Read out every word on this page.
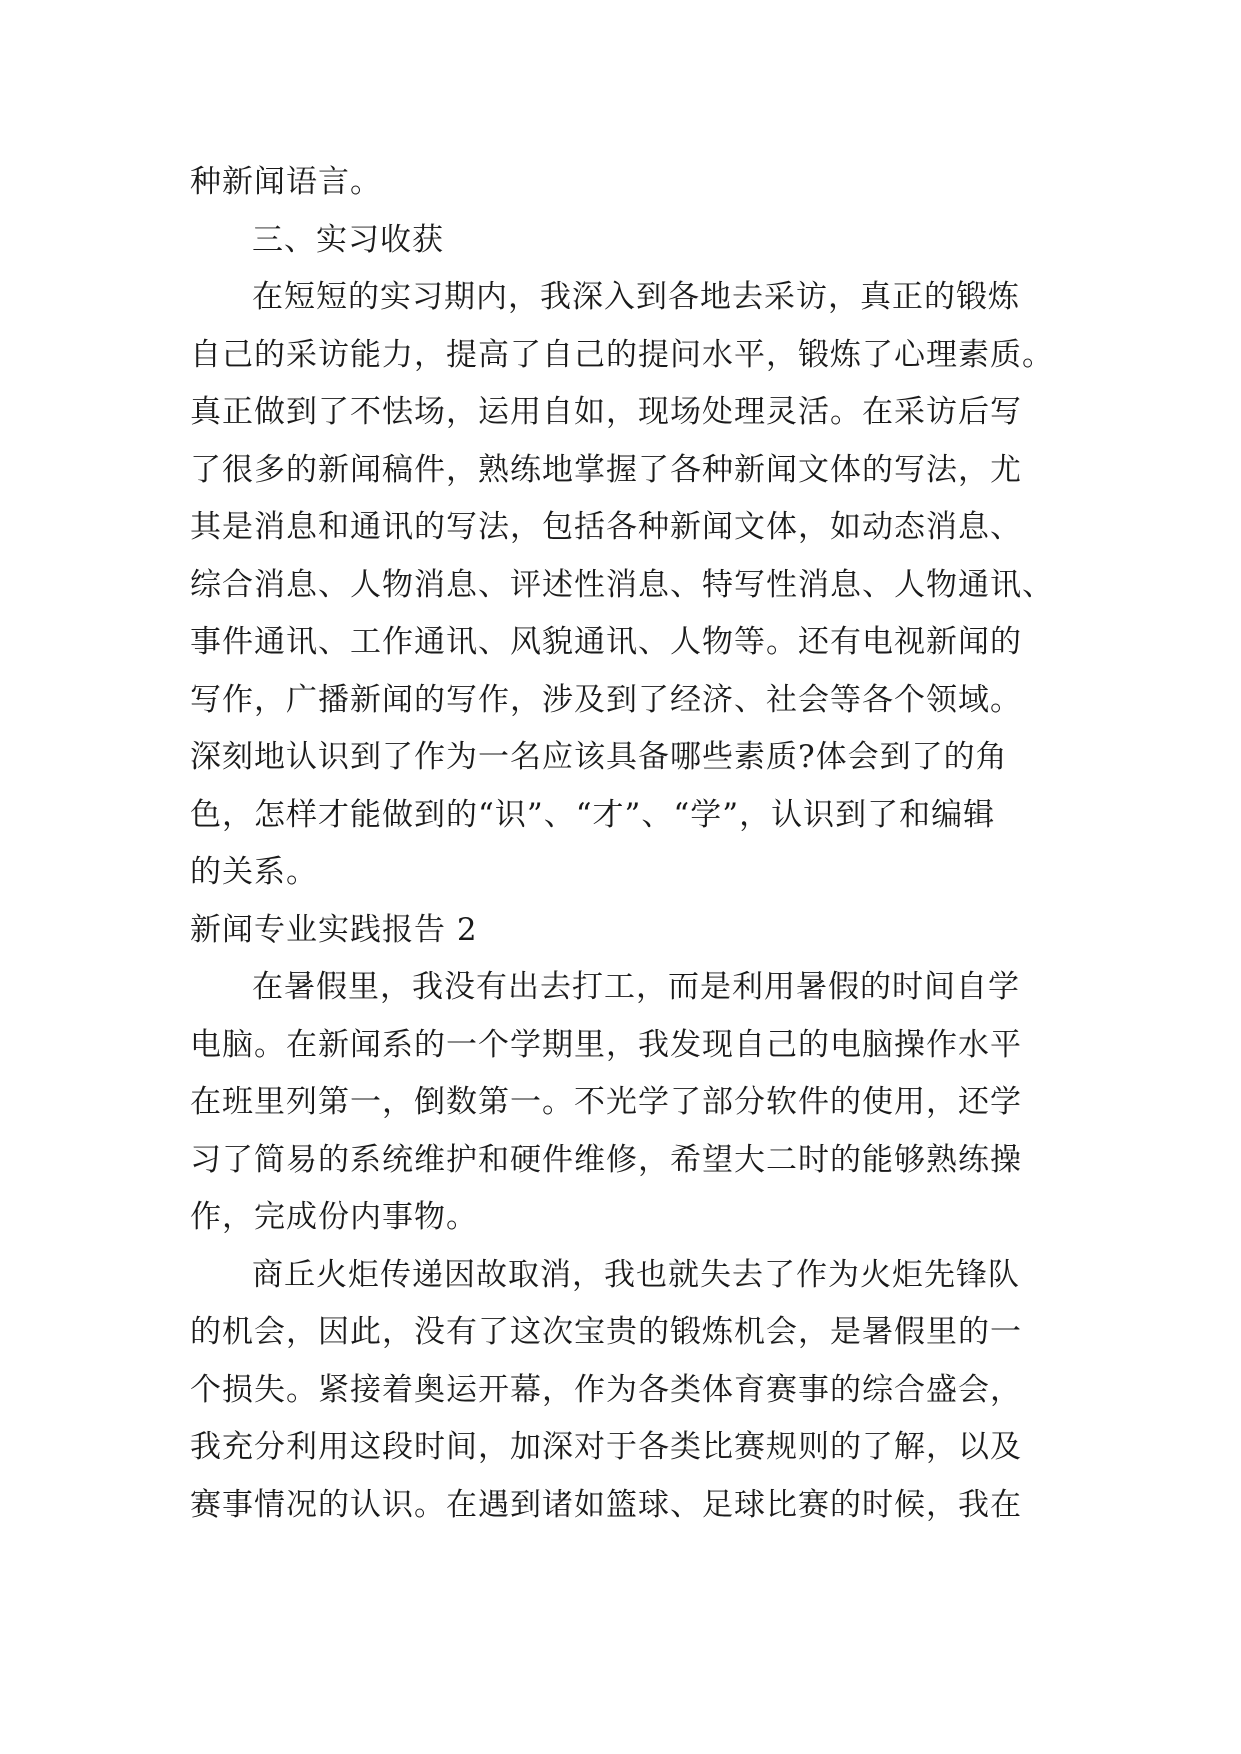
种新闻语言。

三、实习收获

在短短的实习期内，我深入到各地去采访，真正的锻炼
自己的采访能力，提高了自己的提问水平，锻炼了心理素质。
真正做到了不怯场，运用自如，现场处理灵活。在采访后写
了很多的新闻稿件，熟练地掌握了各种新闻文体的写法，尤
其是消息和通讯的写法，包括各种新闻文体，如动态消息、
综合消息、人物消息、评述性消息、特写性消息、人物通讯、
事件通讯、工作通讯、风貌通讯、人物等。还有电视新闻的
写作，广播新闻的写作，涉及到了经济、社会等各个领域。
深刻地认识到了作为一名应该具备哪些素质?体会到了的角
色，怎样才能做到的“识”、“才”、“学”，认识到了和编辑
的关系。

新闻专业实践报告 2

在暑假里，我没有出去打工，而是利用暑假的时间自学
电脑。在新闻系的一个学期里，我发现自己的电脑操作水平
在班里列第一，倒数第一。不光学了部分软件的使用，还学
习了简易的系统维护和硬件维修，希望大二时的能够熟练操
作，完成份内事物。

商丘火炬传递因故取消，我也就失去了作为火炬先锋队
的机会，因此，没有了这次宝贵的锻炼机会，是暑假里的一
个损失。紧接着奥运开幕，作为各类体育赛事的综合盛会，
我充分利用这段时间，加深对于各类比赛规则的了解，以及
赛事情况的认识。在遇到诸如篮球、足球比赛的时候，我在
